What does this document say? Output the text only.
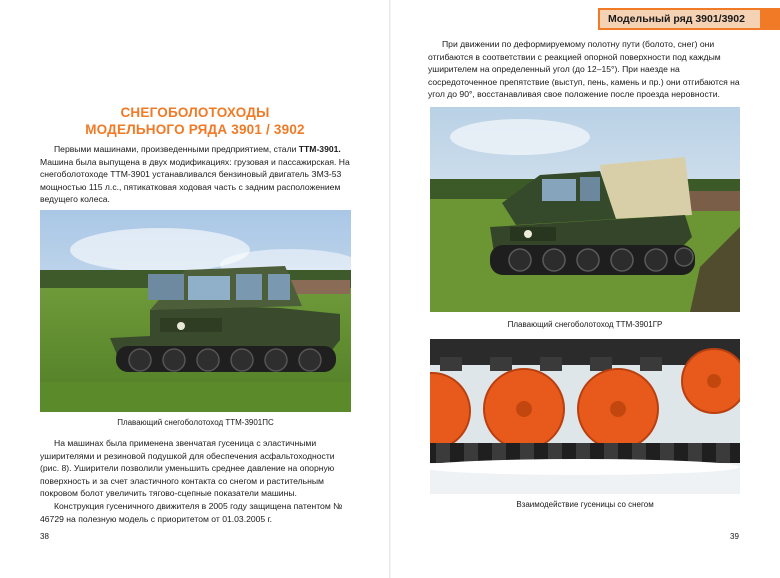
Модельный ряд 3901/3902
СНЕГОБОЛОТОХОДЫ
МОДЕЛЬНОГО РЯДА 3901 / 3902

Первыми машинами, произведенными предприятием, стали ТТМ-3901. Машина была выпущена в двух модификациях: грузовая и пассажирская. На снегоболотоходе ТТМ-3901 устанавливался бензиновый двигатель ЗМЗ-53 мощностью 115 л.с., пятикатковая ходовая часть с задним расположением ведущего колеса.

Плавающий снегоболотоход ТТМ-3901ПС

На машинах была применена звенчатая гусеница с эластичными уширителями и резиновой подушкой для обеспечения асфальтоходности (рис. 8). Уширители позволили уменьшить среднее давление на опорную поверхность и за счет эластичного контакта со снегом и растительным покровом болот увеличить тягово-сцепные показатели машины.

Конструкция гусеничного движителя в 2005 году защищена патентом № 46729 на полезную модель с приоритетом от 01.03.2005 г.

38

При движении по деформируемому полотну пути (болото, снег) они отгибаются в соответствии с реакцией опорной поверхности под каждым уширителем на определенный угол (до 12–15°). При наезде на сосредоточенное препятствие (выступ, пень, камень и пр.) они отгибаются на угол до 90°, восстанавливая свое положение после проезда неровности.

Плавающий снегоболотоход ТТМ-3901ГР
Взаимодействие гусеницы со снегом
39
